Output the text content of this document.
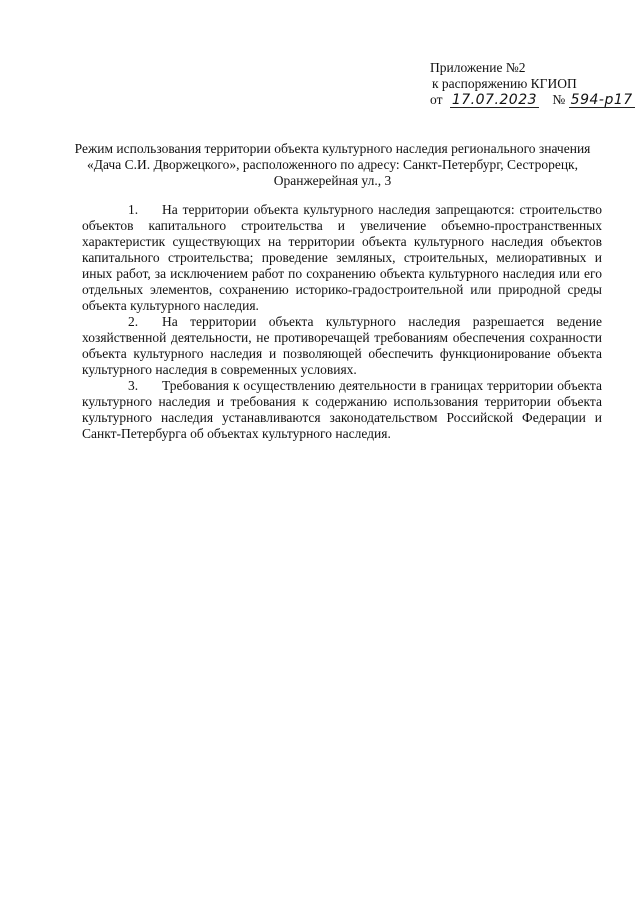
Приложение №2
к распоряжению КГИОП
от 17.07.2023 № 594-р17
Режим использования территории объекта культурного наследия регионального значения
«Дача С.И. Дворжецкого», расположенного по адресу: Санкт-Петербург, Сестрорецк,
Оранжерейная ул., 3

1. На территории объекта культурного наследия запрещаются: строительство объектов капитального строительства и увеличение объемно-пространственных характеристик существующих на территории объекта культурного наследия объектов капитального строительства; проведение земляных, строительных, мелиоративных и иных работ, за исключением работ по сохранению объекта культурного наследия или его отдельных элементов, сохранению историко-градостроительной или природной среды объекта культурного наследия.

2. На территории объекта культурного наследия разрешается ведение хозяйственной деятельности, не противоречащей требованиям обеспечения сохранности объекта культурного наследия и позволяющей обеспечить функционирование объекта культурного наследия в современных условиях.

3. Требования к осуществлению деятельности в границах территории объекта культурного наследия и требования к содержанию использования территории объекта культурного наследия устанавливаются законодательством Российской Федерации и Санкт-Петербурга об объектах культурного наследия.
